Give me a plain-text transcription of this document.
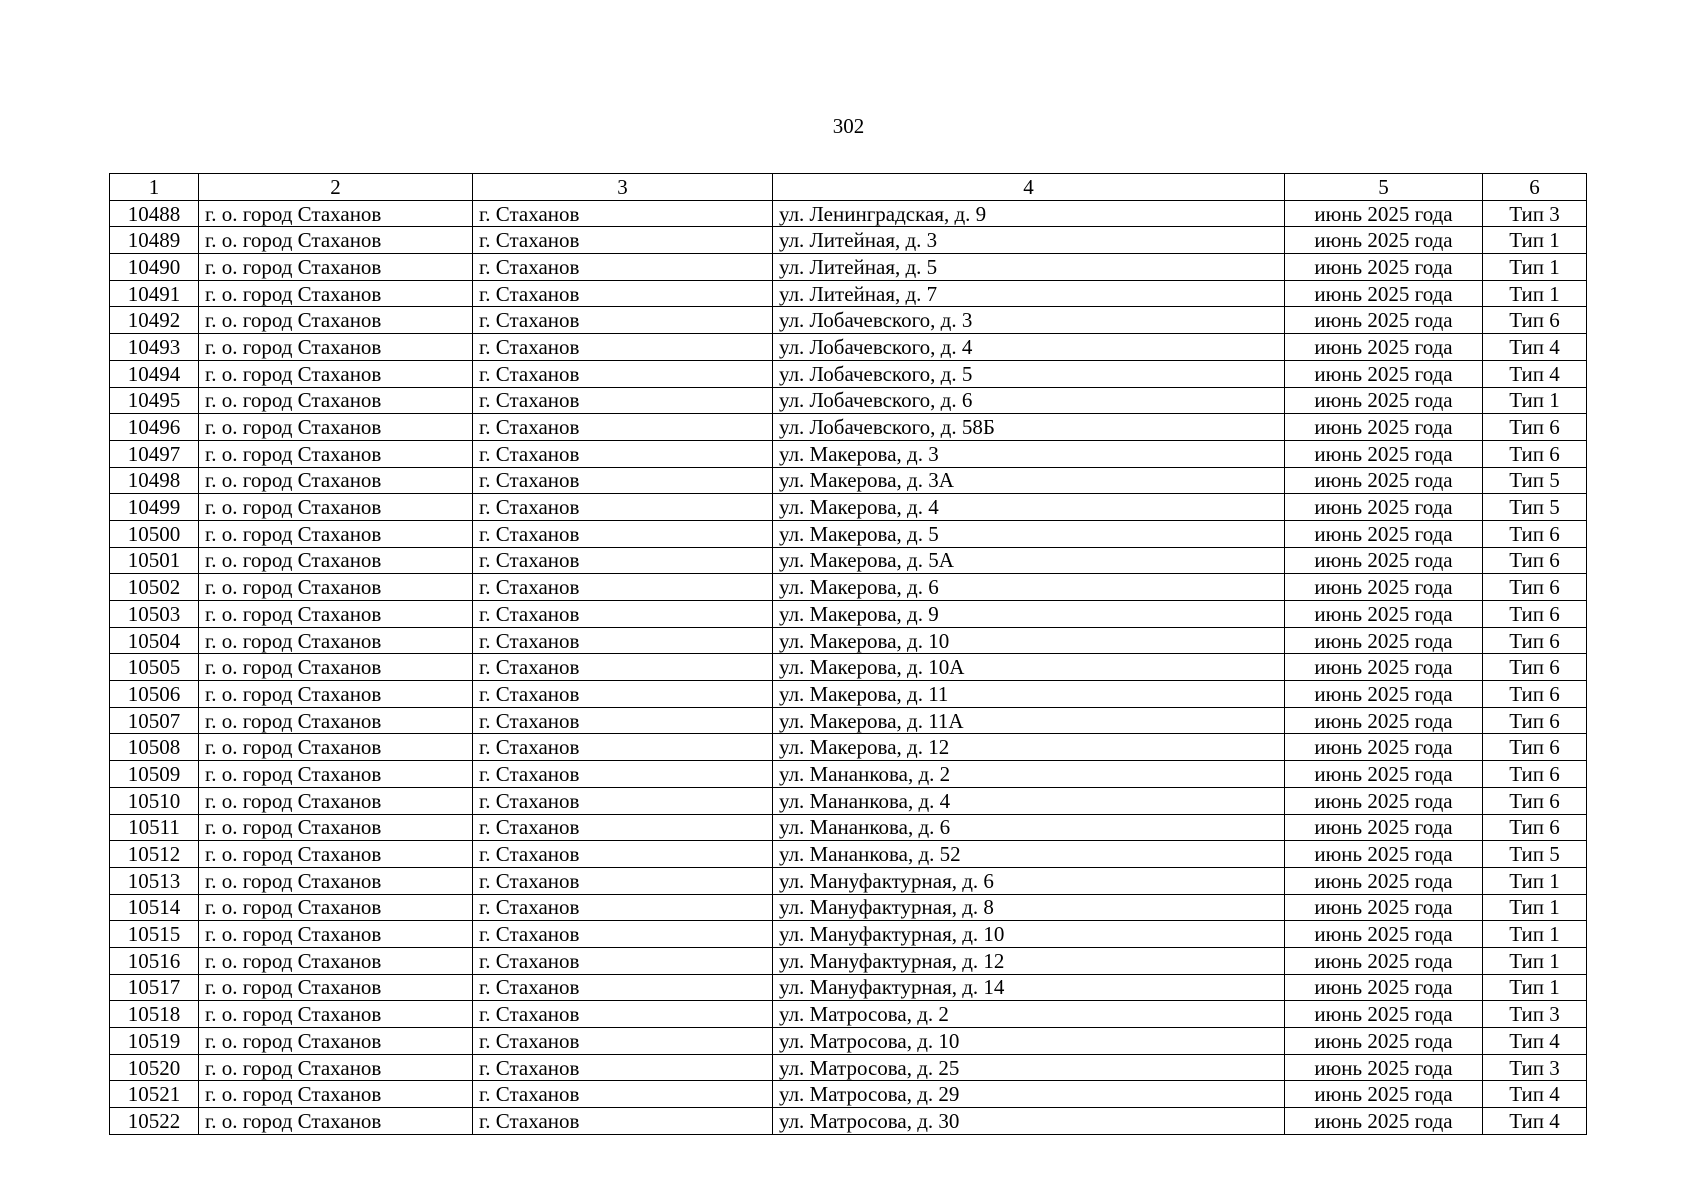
302
1	2	3	4	5	6
10488	г. о. город Стаханов	г. Стаханов	ул. Ленинградская, д. 9	июнь 2025 года	Тип 3
10489	г. о. город Стаханов	г. Стаханов	ул. Литейная, д. 3	июнь 2025 года	Тип 1
10490	г. о. город Стаханов	г. Стаханов	ул. Литейная, д. 5	июнь 2025 года	Тип 1
10491	г. о. город Стаханов	г. Стаханов	ул. Литейная, д. 7	июнь 2025 года	Тип 1
10492	г. о. город Стаханов	г. Стаханов	ул. Лобачевского, д. 3	июнь 2025 года	Тип 6
10493	г. о. город Стаханов	г. Стаханов	ул. Лобачевского, д. 4	июнь 2025 года	Тип 4
10494	г. о. город Стаханов	г. Стаханов	ул. Лобачевского, д. 5	июнь 2025 года	Тип 4
10495	г. о. город Стаханов	г. Стаханов	ул. Лобачевского, д. 6	июнь 2025 года	Тип 1
10496	г. о. город Стаханов	г. Стаханов	ул. Лобачевского, д. 58Б	июнь 2025 года	Тип 6
10497	г. о. город Стаханов	г. Стаханов	ул. Макерова, д. 3	июнь 2025 года	Тип 6
10498	г. о. город Стаханов	г. Стаханов	ул. Макерова, д. 3А	июнь 2025 года	Тип 5
10499	г. о. город Стаханов	г. Стаханов	ул. Макерова, д. 4	июнь 2025 года	Тип 5
10500	г. о. город Стаханов	г. Стаханов	ул. Макерова, д. 5	июнь 2025 года	Тип 6
10501	г. о. город Стаханов	г. Стаханов	ул. Макерова, д. 5А	июнь 2025 года	Тип 6
10502	г. о. город Стаханов	г. Стаханов	ул. Макерова, д. 6	июнь 2025 года	Тип 6
10503	г. о. город Стаханов	г. Стаханов	ул. Макерова, д. 9	июнь 2025 года	Тип 6
10504	г. о. город Стаханов	г. Стаханов	ул. Макерова, д. 10	июнь 2025 года	Тип 6
10505	г. о. город Стаханов	г. Стаханов	ул. Макерова, д. 10А	июнь 2025 года	Тип 6
10506	г. о. город Стаханов	г. Стаханов	ул. Макерова, д. 11	июнь 2025 года	Тип 6
10507	г. о. город Стаханов	г. Стаханов	ул. Макерова, д. 11А	июнь 2025 года	Тип 6
10508	г. о. город Стаханов	г. Стаханов	ул. Макерова, д. 12	июнь 2025 года	Тип 6
10509	г. о. город Стаханов	г. Стаханов	ул. Мананкова, д. 2	июнь 2025 года	Тип 6
10510	г. о. город Стаханов	г. Стаханов	ул. Мананкова, д. 4	июнь 2025 года	Тип 6
10511	г. о. город Стаханов	г. Стаханов	ул. Мананкова, д. 6	июнь 2025 года	Тип 6
10512	г. о. город Стаханов	г. Стаханов	ул. Мананкова, д. 52	июнь 2025 года	Тип 5
10513	г. о. город Стаханов	г. Стаханов	ул. Мануфактурная, д. 6	июнь 2025 года	Тип 1
10514	г. о. город Стаханов	г. Стаханов	ул. Мануфактурная, д. 8	июнь 2025 года	Тип 1
10515	г. о. город Стаханов	г. Стаханов	ул. Мануфактурная, д. 10	июнь 2025 года	Тип 1
10516	г. о. город Стаханов	г. Стаханов	ул. Мануфактурная, д. 12	июнь 2025 года	Тип 1
10517	г. о. город Стаханов	г. Стаханов	ул. Мануфактурная, д. 14	июнь 2025 года	Тип 1
10518	г. о. город Стаханов	г. Стаханов	ул. Матросова, д. 2	июнь 2025 года	Тип 3
10519	г. о. город Стаханов	г. Стаханов	ул. Матросова, д. 10	июнь 2025 года	Тип 4
10520	г. о. город Стаханов	г. Стаханов	ул. Матросова, д. 25	июнь 2025 года	Тип 3
10521	г. о. город Стаханов	г. Стаханов	ул. Матросова, д. 29	июнь 2025 года	Тип 4
10522	г. о. город Стаханов	г. Стаханов	ул. Матросова, д. 30	июнь 2025 года	Тип 4
